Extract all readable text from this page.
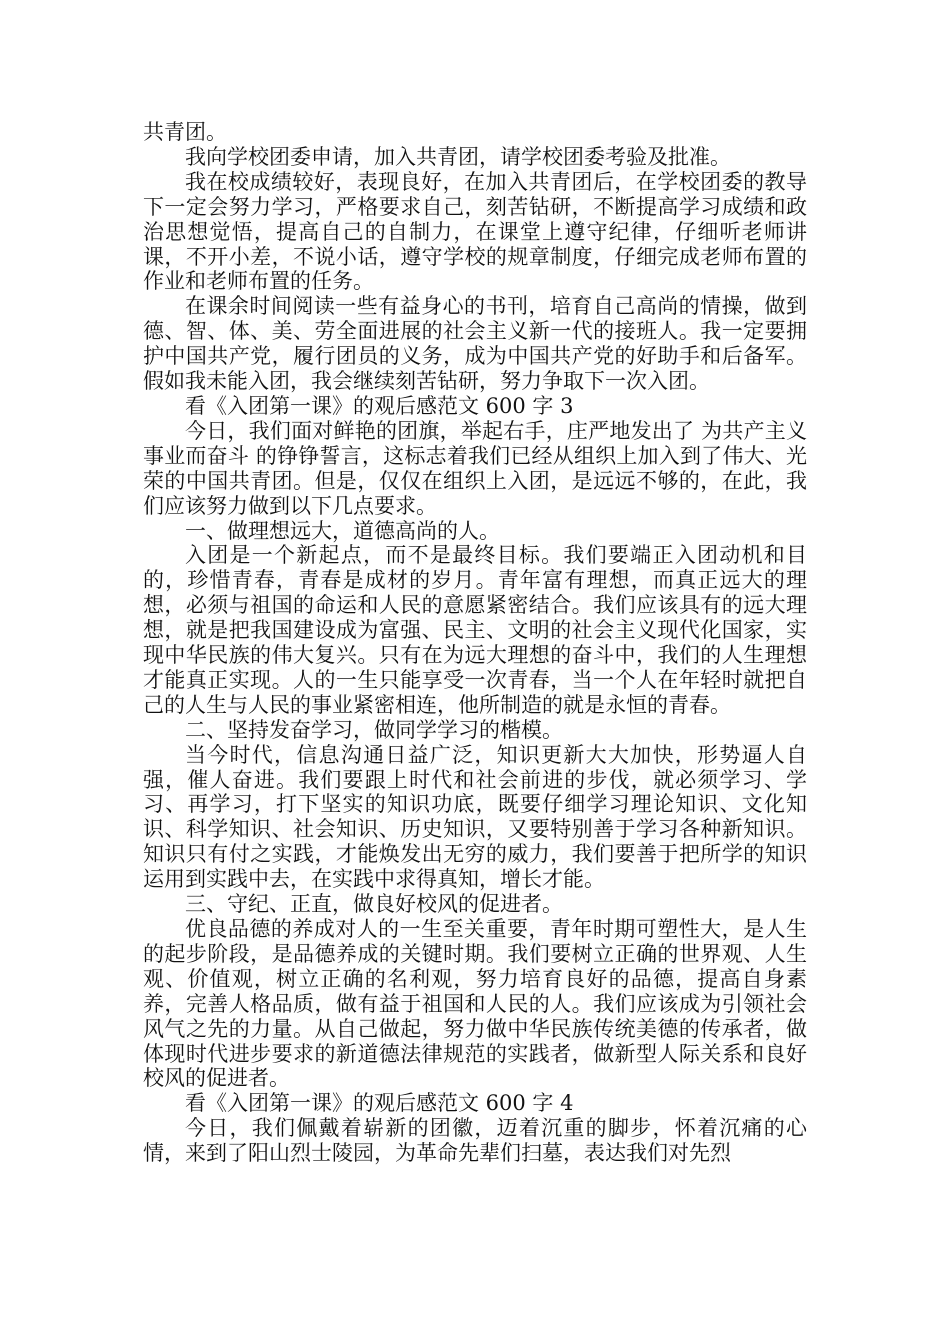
共青团。

我向学校团委申请，加入共青团，请学校团委考验及批准。

我在校成绩较好，表现良好，在加入共青团后，在学校团委的教导下一定会努力学习，严格要求自己，刻苦钻研，不断提高学习成绩和政治思想觉悟，提高自己的自制力，在课堂上遵守纪律，仔细听老师讲课，不开小差，不说小话，遵守学校的规章制度，仔细完成老师布置的作业和老师布置的任务。

在课余时间阅读一些有益身心的书刊，培育自己高尚的情操，做到德、智、体、美、劳全面进展的社会主义新一代的接班人。我一定要拥护中国共产党，履行团员的义务，成为中国共产党的好助手和后备军。假如我未能入团，我会继续刻苦钻研，努力争取下一次入团。

看《入团第一课》的观后感范文 600 字 3

今日，我们面对鲜艳的团旗，举起右手，庄严地发出了 为共产主义事业而奋斗 的铮铮誓言，这标志着我们已经从组织上加入到了伟大、光荣的中国共青团。但是，仅仅在组织上入团，是远远不够的，在此，我们应该努力做到以下几点要求。

一、做理想远大，道德高尚的人。

入团是一个新起点，而不是最终目标。我们要端正入团动机和目的，珍惜青春，青春是成材的岁月。青年富有理想，而真正远大的理想，必须与祖国的命运和人民的意愿紧密结合。我们应该具有的远大理想，就是把我国建设成为富强、民主、文明的社会主义现代化国家，实现中华民族的伟大复兴。只有在为远大理想的奋斗中，我们的人生理想才能真正实现。人的一生只能享受一次青春，当一个人在年轻时就把自己的人生与人民的事业紧密相连，他所制造的就是永恒的青春。

二、坚持发奋学习，做同学学习的楷模。

当今时代，信息沟通日益广泛，知识更新大大加快，形势逼人自强，催人奋进。我们要跟上时代和社会前进的步伐，就必须学习、学习、再学习，打下坚实的知识功底，既要仔细学习理论知识、文化知识、科学知识、社会知识、历史知识，又要特别善于学习各种新知识。知识只有付之实践，才能焕发出无穷的威力，我们要善于把所学的知识运用到实践中去，在实践中求得真知，增长才能。

三、守纪、正直，做良好校风的促进者。

优良品德的养成对人的一生至关重要，青年时期可塑性大，是人生的起步阶段，是品德养成的关键时期。我们要树立正确的世界观、人生观、价值观，树立正确的名利观，努力培育良好的品德，提高自身素养，完善人格品质，做有益于祖国和人民的人。我们应该成为引领社会风气之先的力量。从自己做起，努力做中华民族传统美德的传承者，做体现时代进步要求的新道德法律规范的实践者，做新型人际关系和良好校风的促进者。

看《入团第一课》的观后感范文 600 字 4

今日，我们佩戴着崭新的团徽，迈着沉重的脚步，怀着沉痛的心情，来到了阳山烈士陵园，为革命先辈们扫墓，表达我们对先烈
